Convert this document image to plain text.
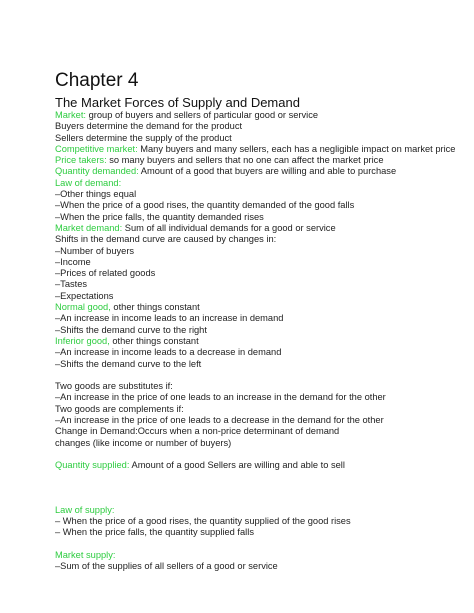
Chapter 4
The Market Forces of Supply and Demand
Market: group of buyers and sellers of particular good or service
Buyers determine the demand for the product
Sellers determine the supply of the product
Competitive market: Many buyers and many sellers, each has a negligible impact on market price
Price takers: so many buyers and sellers that no one can affect the market price
Quantity demanded: Amount of a good that buyers are willing and able to purchase
Law of demand:
–Other things equal
–When the price of a good rises, the quantity demanded of the good falls
–When the price falls, the quantity demanded rises
Market demand: Sum of all individual demands for a good or service
Shifts in the demand curve are caused by changes in:
–Number of buyers
–Income
–Prices of related goods
–Tastes
–Expectations
Normal good, other things constant
–An increase in income leads to an increase in demand
–Shifts the demand curve to the right
Inferior good, other things constant
–An increase in income leads to a decrease in demand
–Shifts the demand curve to the left
Two goods are substitutes if:
–An increase in the price of one leads to an increase in the demand for the other
Two goods are complements if:
–An increase in the price of one leads to a decrease in the demand for the other
Change in Demand:Occurs when a non-price determinant of demand
changes (like income or number of buyers)
Quantity supplied: Amount of a good Sellers are willing and able to sell
Law of supply:
– When the price of a good rises, the quantity supplied of the good rises
– When the price falls, the quantity supplied falls
Market supply:
–Sum of the supplies of all sellers of a good or service
